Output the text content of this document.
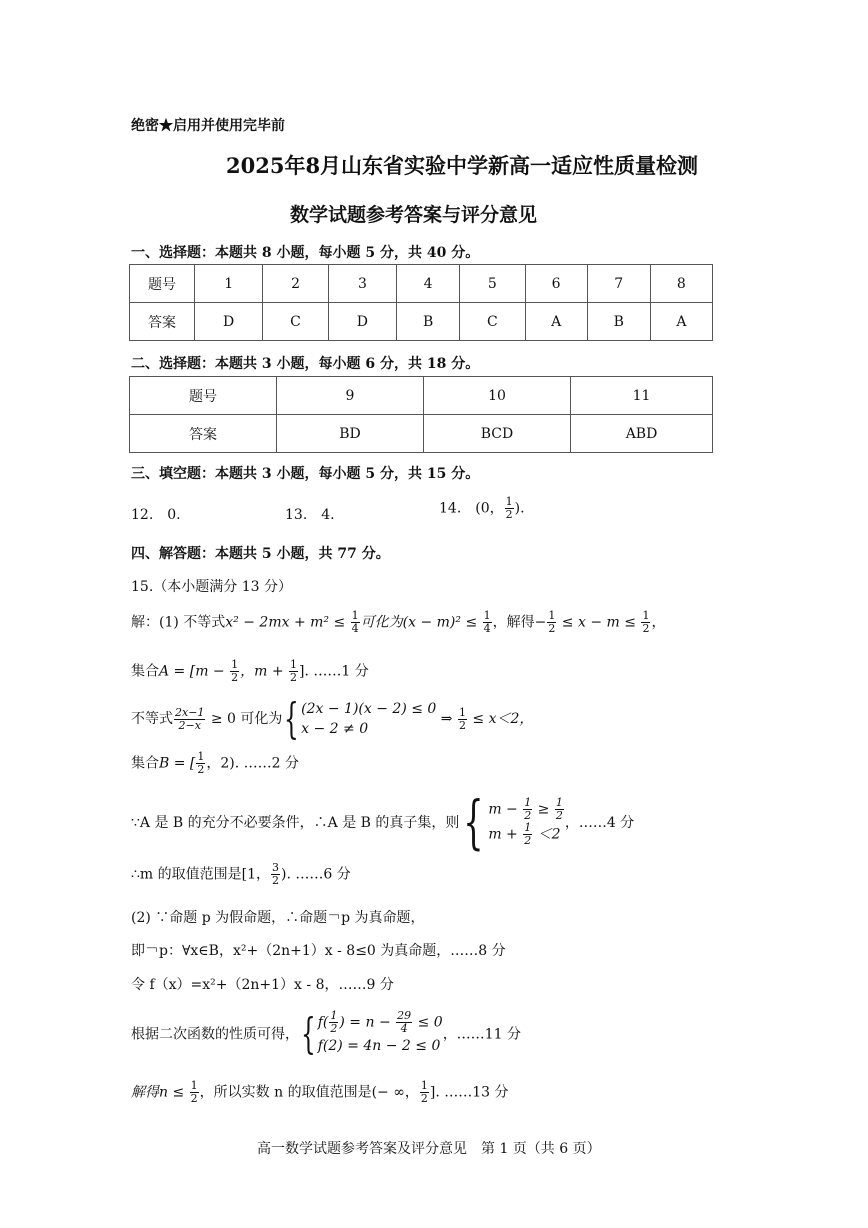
绝密★启用并使用完毕前
2025年8月山东省实验中学新高一适应性质量检测
数学试题参考答案与评分意见
一、选择题：本题共 8 小题，每小题 5 分，共 40 分。
题号	1	2	3	4	5	6	7	8
答案	D	C	D	B	C	A	B	A
二、选择题：本题共 3 小题，每小题 6 分，共 18 分。
题号	9	10	11
答案	BD	BCD	ABD
三、填空题：本题共 3 小题，每小题 5 分，共 15 分。
12.　0.	13.　4.	14.　(0， $\frac{1}{2}$ ).
四、解答题：本题共 5 小题，共 77 分。
15.（本小题满分 13 分）
解：(1) 不等式$x^2 - 2mx + m^2 \le \frac{1}{4}$ 可化为$(x - m)^2 \le \frac{1}{4}$ ，解得− $\frac{1}{2} \le x - m \le \frac{1}{2}$ ，
集合$A = [m - \frac{1}{2}$ ，$m + \frac{1}{2}$ ]. ……1 分
不等式 $\frac{2x-1}{2-x} \ge 0$ 可化为{ (2x − 1)(x − 2) ≤ 0
x − 2 ≠ 0
⇒ $\frac{1}{2} \le x<2$，
集合B = [ $\frac{1}{2}$ ，2). ……2 分
∵A 是 B 的充分不必要条件，∴A 是 B 的真子集，则{ $m - \frac{1}{2} \ge \frac{1}{2}$
$m + \frac{1}{2} <2$
，……4 分
∴m 的取值范围是[1， $\frac{3}{2}$ ). ……6 分
(2) ∵命题 p 为假命题，∴命题￢p 为真命题，
即￢p：∀x∈B，x²+（2n+1）x - 8≤0 为真命题，……8 分
令 f（x）=x²+（2n+1）x - 8，……9 分
根据二次函数的性质可得，{ $f( \frac{1}{2}$ ) = $n - \frac{29}{4} \le 0$
f(2) = 4n − 2 ≤ 0
，……11 分
解得$n \le \frac{1}{2}$ ，所以实数 n 的取值范围是(− ∞， $\frac{1}{2}$ ]. ……13 分
高一数学试题参考答案及评分意见　第 1 页（共 6 页）
